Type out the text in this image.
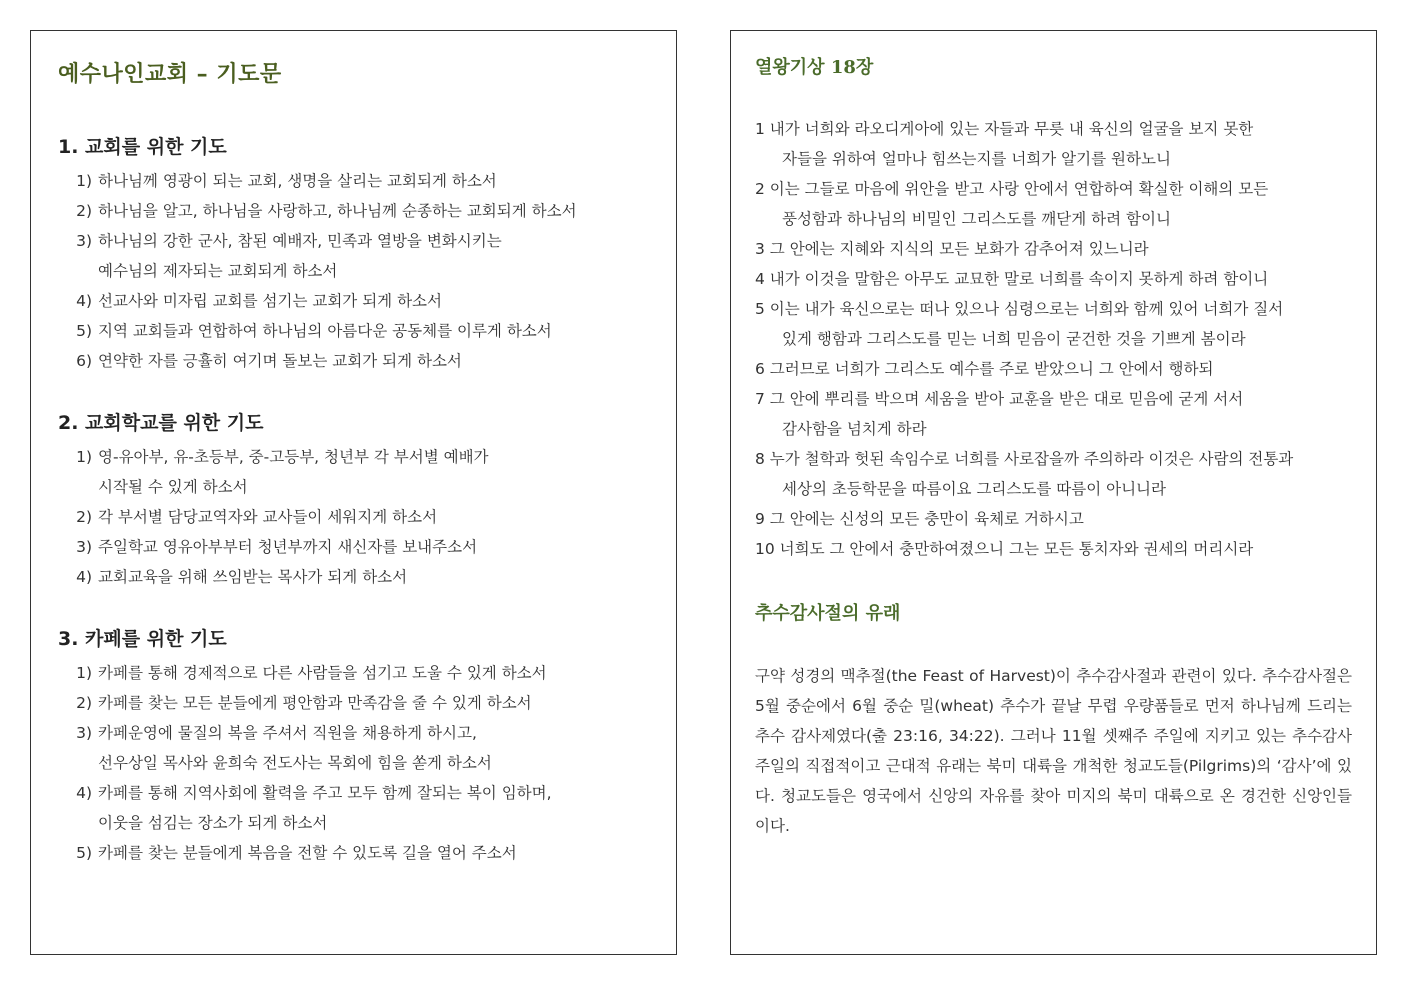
예수나인교회 – 기도문
1. 교회를 위한 기도
1) 하나님께 영광이 되는 교회, 생명을 살리는 교회되게 하소서
2) 하나님을 알고, 하나님을 사랑하고, 하나님께 순종하는 교회되게 하소서
3) 하나님의 강한 군사, 참된 예배자, 민족과 열방을 변화시키는
예수님의 제자되는 교회되게 하소서
4) 선교사와 미자립 교회를 섬기는 교회가 되게 하소서
5) 지역 교회들과 연합하여 하나님의 아름다운 공동체를 이루게 하소서
6) 연약한 자를 긍휼히 여기며 돌보는 교회가 되게 하소서
2. 교회학교를 위한 기도
1) 영-유아부, 유-초등부, 중-고등부, 청년부 각 부서별 예배가
시작될 수 있게 하소서
2) 각 부서별 담당교역자와 교사들이 세워지게 하소서
3) 주일학교 영유아부부터 청년부까지 새신자를 보내주소서
4) 교회교육을 위해 쓰임받는 목사가 되게 하소서
3. 카페를 위한 기도
1) 카페를 통해 경제적으로 다른 사람들을 섬기고 도울 수 있게 하소서
2) 카페를 찾는 모든 분들에게 평안함과 만족감을 줄 수 있게 하소서
3) 카페운영에 물질의 복을 주셔서 직원을 채용하게 하시고,
선우상일 목사와 윤희숙 전도사는 목회에 힘을 쏟게 하소서
4) 카페를 통해 지역사회에 활력을 주고 모두 함께 잘되는 복이 임하며,
이웃을 섬김는 장소가 되게 하소서
5) 카페를 찾는 분들에게 복음을 전할 수 있도록 길을 열어 주소서
열왕기상 18장
1 내가 너희와 라오디게아에 있는 자들과 무릇 내 육신의 얼굴을 보지 못한
자들을 위하여 얼마나 힘쓰는지를 너희가 알기를 원하노니
2 이는 그들로 마음에 위안을 받고 사랑 안에서 연합하여 확실한 이해의 모든
풍성함과 하나님의 비밀인 그리스도를 깨닫게 하려 함이니
3 그 안에는 지혜와 지식의 모든 보화가 감추어져 있느니라
4 내가 이것을 말함은 아무도 교묘한 말로 너희를 속이지 못하게 하려 함이니
5 이는 내가 육신으로는 떠나 있으나 심령으로는 너희와 함께 있어 너희가 질서
있게 행함과 그리스도를 믿는 너희 믿음이 굳건한 것을 기쁘게 봄이라
6 그러므로 너희가 그리스도 예수를 주로 받았으니 그 안에서 행하되
7 그 안에 뿌리를 박으며 세움을 받아 교훈을 받은 대로 믿음에 굳게 서서
감사함을 넘치게 하라
8 누가 철학과 헛된 속임수로 너희를 사로잡을까 주의하라 이것은 사람의 전통과
세상의 초등학문을 따름이요 그리스도를 따름이 아니니라
9 그 안에는 신성의 모든 충만이 육체로 거하시고
10 너희도 그 안에서 충만하여졌으니 그는 모든 통치자와 권세의 머리시라
추수감사절의 유래
구약 성경의 맥추절(the Feast of Harvest)이 추수감사절과 관련이 있다. 추수감사절은 5월 중순에서 6월 중순 밀(wheat) 추수가 끝날 무렵 우량품들로 먼저 하나님께 드리는 추수 감사제였다(출 23:16, 34:22). 그러나 11월 셋째주 주일에 지키고 있는 추수감사주일의 직접적이고 근대적 유래는 북미 대륙을 개척한 청교도들(Pilgrims)의 ‘감사’에 있다. 청교도들은 영국에서 신앙의 자유를 찾아 미지의 북미 대륙으로 온 경건한 신앙인들이다.
